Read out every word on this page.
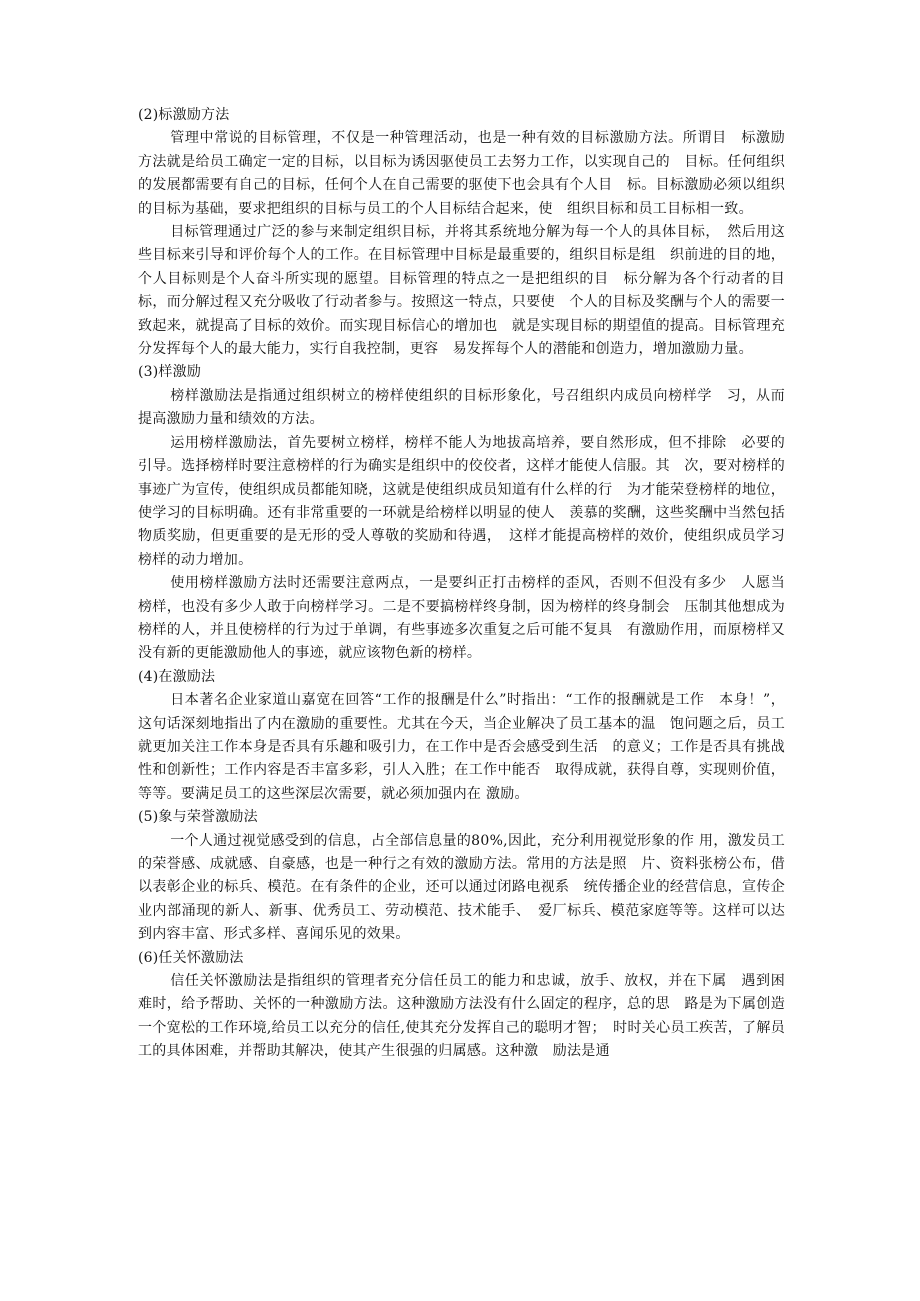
(2)标激励方法

管理中常说的目标管理，不仅是一种管理活动，也是一种有效的目标激励方法。所谓目　标激励方法就是给员工确定一定的目标，以目标为诱因驱使员工去努力工作，以实现自己的　目标。任何组织的发展都需要有自己的目标，任何个人在自己需要的驱使下也会具有个人目　标。目标激励必须以组织的目标为基础，要求把组织的目标与员工的个人目标结合起来，使　组织目标和员工目标相一致。

目标管理通过广泛的参与来制定组织目标，并将其系统地分解为每一个人的具体目标，　然后用这些目标来引导和评价每个人的工作。在目标管理中目标是最重要的，组织目标是组　织前进的目的地，个人目标则是个人奋斗所实现的愿望。目标管理的特点之一是把组织的目　标分解为各个行动者的目标，而分解过程又充分吸收了行动者参与。按照这一特点，只要使　个人的目标及奖酬与个人的需要一致起来，就提高了目标的效价。而实现目标信心的增加也　就是实现目标的期望值的提高。目标管理充分发挥每个人的最大能力，实行自我控制，更容　易发挥每个人的潜能和创造力，增加激励力量。

(3)样激励

榜样激励法是指通过组织树立的榜样使组织的目标形象化，号召组织内成员向榜样学　习，从而提高激励力量和绩效的方法。

运用榜样激励法，首先要树立榜样，榜样不能人为地拔高培养，要自然形成，但不排除　必要的引导。选择榜样时要注意榜样的行为确实是组织中的佼佼者，这样才能使人信服。其　次，要对榜样的事迹广为宣传，使组织成员都能知晓，这就是使组织成员知道有什么样的行　为才能荣登榜样的地位，使学习的目标明确。还有非常重要的一环就是给榜样以明显的使人　羡慕的奖酬，这些奖酬中当然包括物质奖励，但更重要的是无形的受人尊敬的奖励和待遇，　这样才能提高榜样的效价，使组织成员学习榜样的动力增加。

使用榜样激励方法时还需要注意两点，一是要纠正打击榜样的歪风，否则不但没有多少　人愿当榜样，也没有多少人敢于向榜样学习。二是不要搞榜样终身制，因为榜样的终身制会　压制其他想成为榜样的人，并且使榜样的行为过于单调，有些事迹多次重复之后可能不复具　有激励作用，而原榜样又没有新的更能激励他人的事迹，就应该物色新的榜样。

(4)在激励法

日本著名企业家道山嘉宽在回答“工作的报酬是什么”时指出：“工作的报酬就是工作　本身！”，这句话深刻地指出了内在激励的重要性。尤其在今天，当企业解决了员工基本的温　饱问题之后，员工就更加关注工作本身是否具有乐趣和吸引力，在工作中是否会感受到生活　的意义；工作是否具有挑战性和创新性；工作内容是否丰富多彩，引人入胜；在工作中能否　取得成就，获得自尊，实现则价值，等等。要满足员工的这些深层次需要，就必须加强内在 激励。

(5)象与荣誉激励法

一个人通过视觉感受到的信息，占全部信息量的80%,因此，充分利用视觉形象的作 用，激发员工的荣誉感、成就感、自豪感，也是一种行之有效的激励方法。常用的方法是照　片、资料张榜公布，借以表彰企业的标兵、模范。在有条件的企业，还可以通过闭路电视系　统传播企业的经营信息，宣传企业内部涌现的新人、新事、优秀员工、劳动模范、技术能手、　爱厂标兵、模范家庭等等。这样可以达到内容丰富、形式多样、喜闻乐见的效果。

(6)任关怀激励法

信任关怀激励法是指组织的管理者充分信任员工的能力和忠诚，放手、放权，并在下属　遇到困难时，给予帮助、关怀的一种激励方法。这种激励方法没有什么固定的程序，总的思　路是为下属创造一个宽松的工作环境,给员工以充分的信任,使其充分发挥自己的聪明才智；　时时关心员工疾苦，了解员工的具体困难，并帮助其解决，使其产生很强的归属感。这种激　励法是通
